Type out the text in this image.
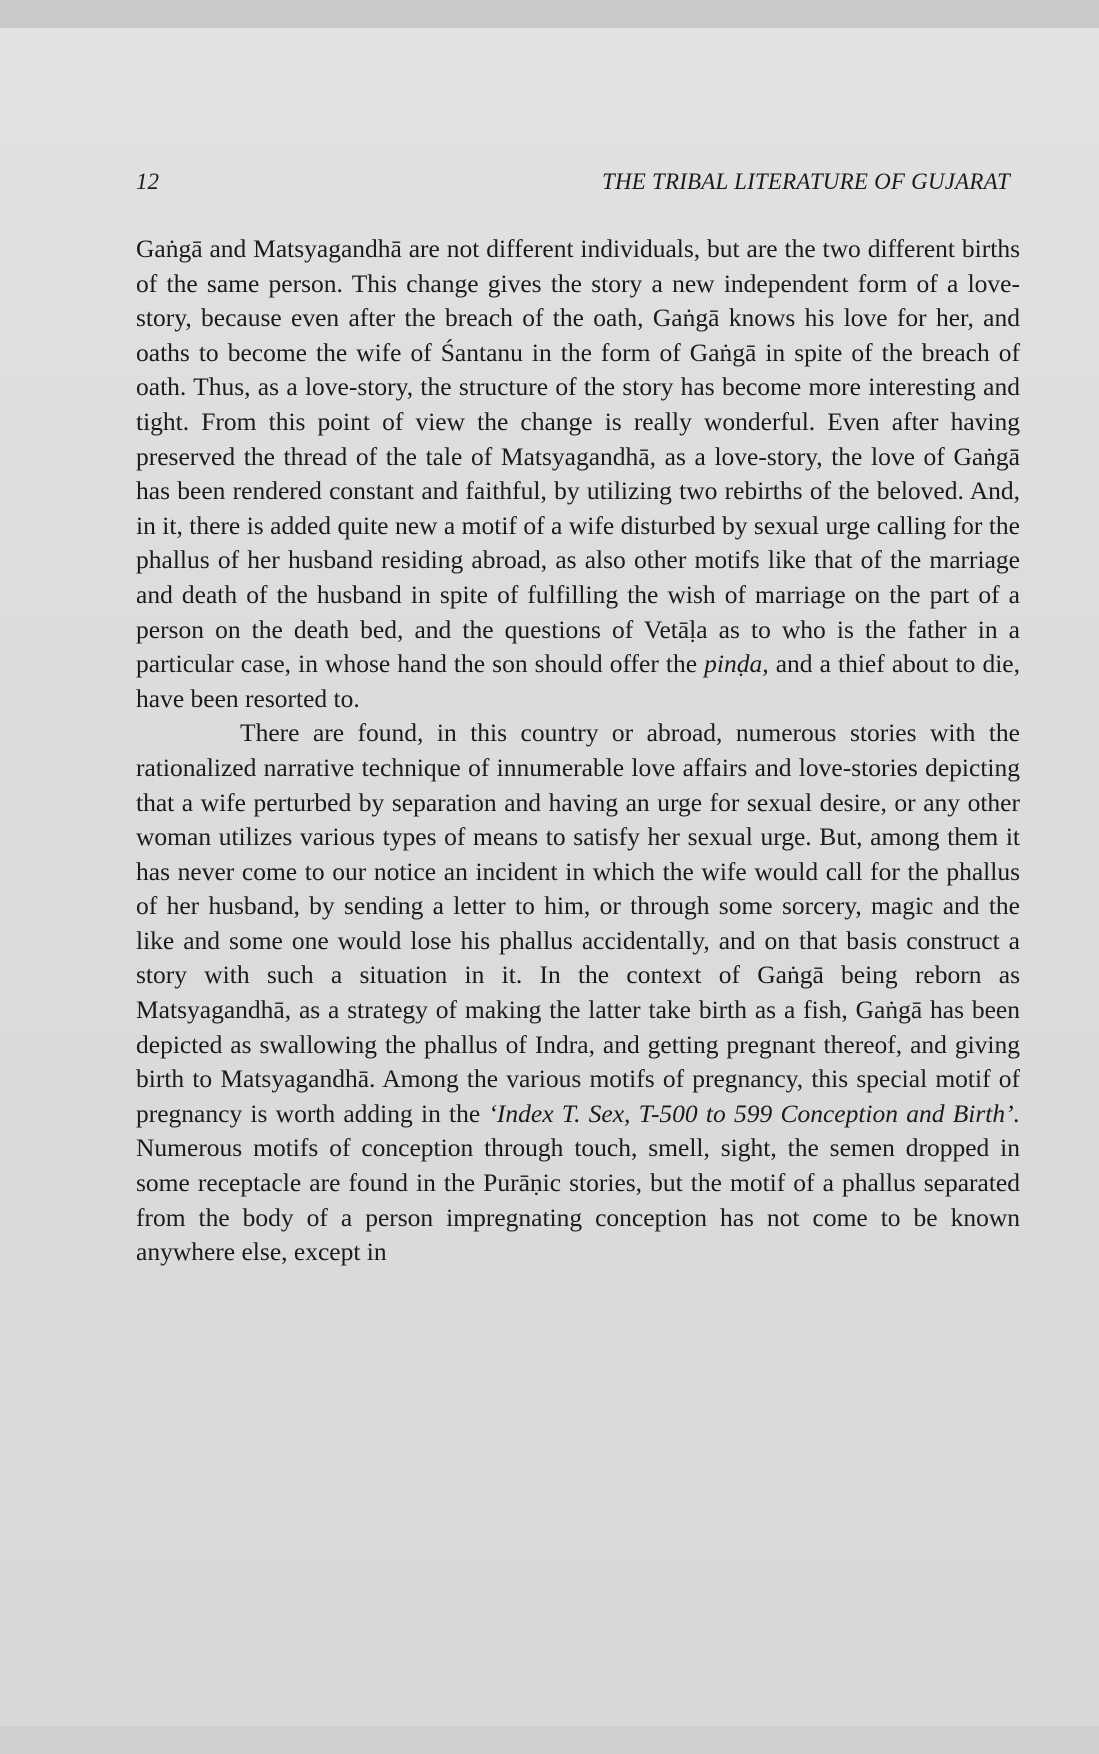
12	THE TRIBAL LITERATURE OF GUJARAT

Gaṅgā and Matsyagandhā are not different individuals, but are the two different births of the same person. This change gives the story a new independent form of a love-story, because even after the breach of the oath, Gaṅgā knows his love for her, and oaths to become the wife of Śantanu in the form of Gaṅgā in spite of the breach of oath. Thus, as a love-story, the structure of the story has become more interesting and tight. From this point of view the change is really wonderful. Even after having preserved the thread of the tale of Matsyagandhā, as a love-story, the love of Gaṅgā has been rendered constant and faithful, by utilizing two rebirths of the beloved. And, in it, there is added quite new a motif of a wife disturbed by sexual urge calling for the phallus of her husband residing abroad, as also other motifs like that of the marriage and death of the husband in spite of fulfilling the wish of marriage on the part of a person on the death bed, and the questions of Vetāḷa as to who is the father in a particular case, in whose hand the son should offer the pinḍa, and a thief about to die, have been resorted to.

There are found, in this country or abroad, numerous stories with the rationalized narrative technique of innumerable love affairs and love-stories depicting that a wife perturbed by separation and having an urge for sexual desire, or any other woman utilizes various types of means to satisfy her sexual urge. But, among them it has never come to our notice an incident in which the wife would call for the phallus of her husband, by sending a letter to him, or through some sorcery, magic and the like and some one would lose his phallus accidentally, and on that basis construct a story with such a situation in it. In the context of Gaṅgā being reborn as Matsyagandhā, as a strategy of making the latter take birth as a fish, Gaṅgā has been depicted as swallowing the phallus of Indra, and getting pregnant thereof, and giving birth to Matsyagandhā. Among the various motifs of pregnancy, this special motif of pregnancy is worth adding in the ‘Index T. Sex, T-500 to 599 Conception and Birth’. Numerous motifs of conception through touch, smell, sight, the semen dropped in some receptacle are found in the Purāṇic stories, but the motif of a phallus separated from the body of a person impregnating conception has not come to be known anywhere else, except in
